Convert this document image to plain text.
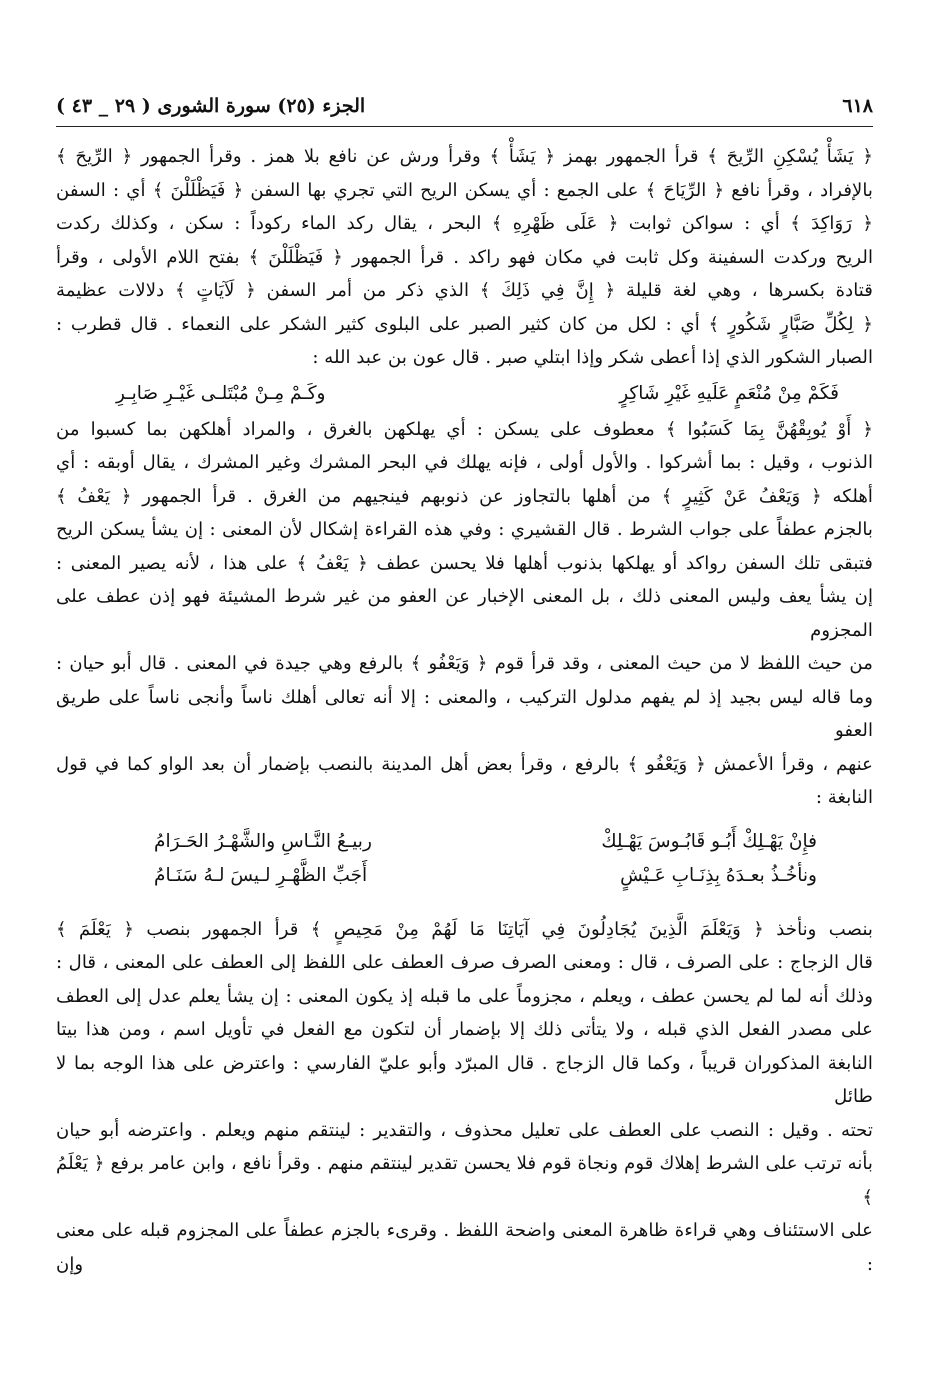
٦١٨
الجزء (٢٥) سورة الشورى ( ٢٩ _ ٤٣ )

﴿ يَشَأْ يُسْكِنِ الرِّيحَ ﴾ قرأ الجمهور بهمز ﴿ يَشَأْ ﴾ وقرأ ورش عن نافع بلا همز . وقرأ الجمهور ﴿ الرِّيحَ ﴾

بالإفراد ، وقرأ نافع ﴿ الرِّيَاحَ ﴾ على الجمع : أي يسكن الريح التي تجري بها السفن ﴿ فَيَظْلَلْنَ ﴾ أي : السفن

﴿ رَوَاكِدَ ﴾ أي : سواكن ثوابت ﴿ عَلَى ظَهْرِهِ ﴾ البحر ، يقال ركد الماء ركوداً : سكن ، وكذلك ركدت

الريح وركدت السفينة وكل ثابت في مكان فهو راكد . قرأ الجمهور ﴿ فَيَظْلَلْنَ ﴾ بفتح اللام الأولى ، وقرأ

قتادة بكسرها ، وهي لغة قليلة ﴿ إِنَّ فِي ذَلِكَ ﴾ الذي ذكر من أمر السفن ﴿ لَآيَاتٍ ﴾ دلالات عظيمة

﴿ لِكُلِّ صَبَّارٍ شَكُورٍ ﴾ أي : لكل من كان كثير الصبر على البلوى كثير الشكر على النعماء . قال قطرب :

الصبار الشكور الذي إذا أعطى شكر وإذا ابتلي صبر . قال عون بن عبد الله :

فَكَمْ مِنْ مُنْعَمٍ عَلَيهِ غَيْرِ شَاكِرٍ
وكَـمْ مِـنْ مُبْتَلـى غَيْـرِ صَابِـرِ

﴿ أَوْ يُوبِقْهُنَّ بِمَا كَسَبُوا ﴾ معطوف على يسكن : أي يهلكهن بالغرق ، والمراد أهلكهن بما كسبوا من

الذنوب ، وقيل : بما أشركوا . والأول أولى ، فإنه يهلك في البحر المشرك وغير المشرك ، يقال أوبقه : أي

أهلكه ﴿ وَيَعْفُ عَنْ كَثِيرٍ ﴾ من أهلها بالتجاوز عن ذنوبهم فينجيهم من الغرق . قرأ الجمهور ﴿ يَعْفُ ﴾

بالجزم عطفاً على جواب الشرط . قال القشيري : وفي هذه القراءة إشكال لأن المعنى : إن يشأ يسكن الريح

فتبقى تلك السفن رواكد أو يهلكها بذنوب أهلها فلا يحسن عطف ﴿ يَعْفُ ﴾ على هذا ، لأنه يصير المعنى :

إن يشأ يعف وليس المعنى ذلك ، بل المعنى الإخبار عن العفو من غير شرط المشيئة فهو إذن عطف على المجزوم

من حيث اللفظ لا من حيث المعنى ، وقد قرأ قوم ﴿ وَيَعْفُو ﴾ بالرفع وهي جيدة في المعنى . قال أبو حيان :

وما قاله ليس بجيد إذ لم يفهم مدلول التركيب ، والمعنى : إلا أنه تعالى أهلك ناساً وأنجى ناساً على طريق العفو

عنهم ، وقرأ الأعمش ﴿ وَيَعْفُو ﴾ بالرفع ، وقرأ بعض أهل المدينة بالنصب بإضمار أن بعد الواو كما في قول

النابغة :

فإِنْ يَهْـلِكْ أَبُـو قَابُـوسَ يَهْـلِكْ
ربيـعُ النَّـاسِ والشَّهْـرُ الحَـرَامُ
ونأخُـذُ بعـدَهُ بِذِنَـابِ عَـيْشٍ
أَجَبِّ الظَّهْـرِ لـيسَ لـهُ سَنَـامُ

بنصب ونأخذ ﴿ وَيَعْلَمَ الَّذِينَ يُجَادِلُونَ فِي آيَاتِنَا مَا لَهُمْ مِنْ مَحِيصٍ ﴾ قرأ الجمهور بنصب ﴿ يَعْلَمَ ﴾

قال الزجاج : على الصرف ، قال : ومعنى الصرف صرف العطف على اللفظ إلى العطف على المعنى ، قال :

وذلك أنه لما لم يحسن عطف ، ويعلم ، مجزوماً على ما قبله إذ يكون المعنى : إن يشأ يعلم عدل إلى العطف

على مصدر الفعل الذي قبله ، ولا يتأتى ذلك إلا بإضمار أن لتكون مع الفعل في تأويل اسم ، ومن هذا بيتا

النابغة المذكوران قريباً ، وكما قال الزجاج . قال المبرّد وأبو عليّ الفارسي : واعترض على هذا الوجه بما لا طائل

تحته . وقيل : النصب على العطف على تعليل محذوف ، والتقدير : لينتقم منهم ويعلم . واعترضه أبو حيان

بأنه ترتب على الشرط إهلاك قوم ونجاة قوم فلا يحسن تقدير لينتقم منهم . وقرأ نافع ، وابن عامر برفع ﴿ يَعْلَمُ ﴾

على الاستئناف وهي قراءة ظاهرة المعنى واضحة اللفظ . وقرىء بالجزم عطفاً على المجزوم قبله على معنى : وإن
